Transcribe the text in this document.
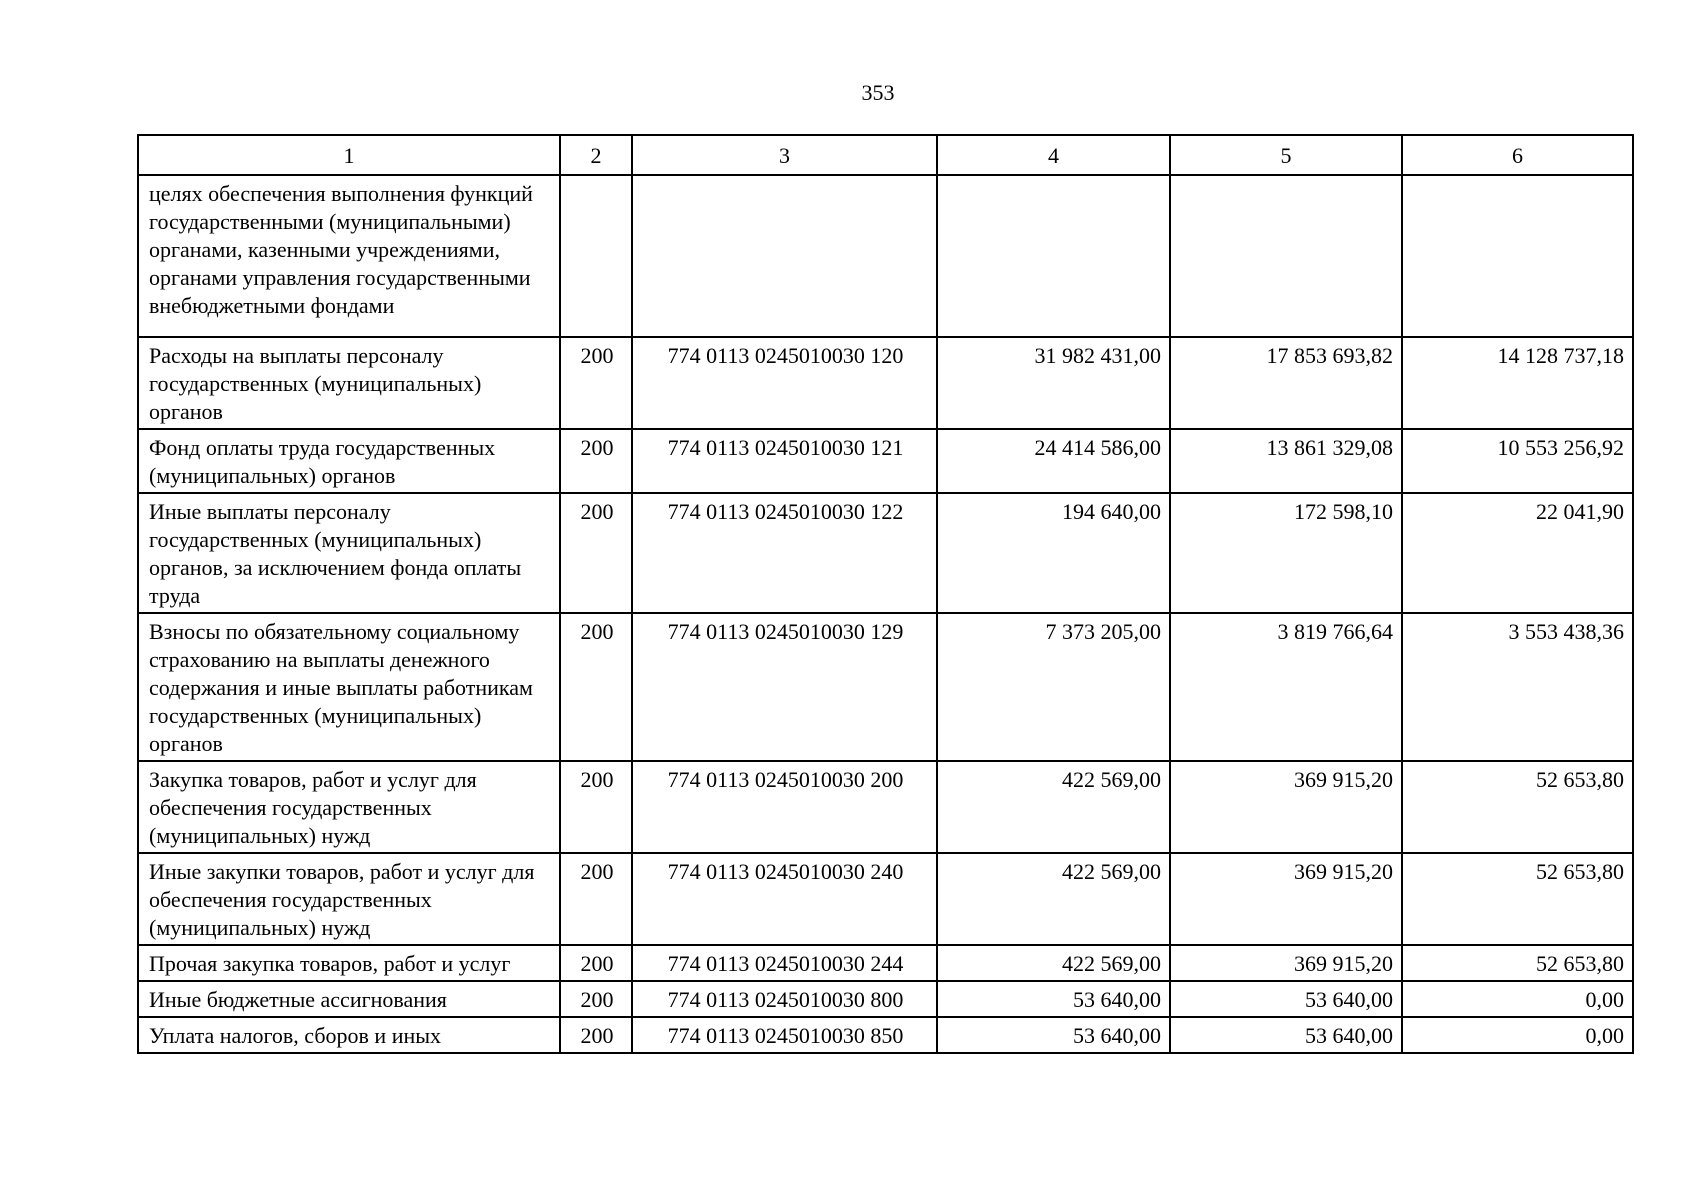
353
1	2	3	4	5	6
целях обеспечения выполнения функций государственными (муниципальными) органами, казенными учреждениями, органами управления государственными внебюджетными фондами					
Расходы на выплаты персоналу государственных (муниципальных) органов	200	774 0113 0245010030 120	31 982 431,00	17 853 693,82	14 128 737,18
Фонд оплаты труда государственных (муниципальных) органов	200	774 0113 0245010030 121	24 414 586,00	13 861 329,08	10 553 256,92
Иные выплаты персоналу государственных (муниципальных) органов, за исключением фонда оплаты труда	200	774 0113 0245010030 122	194 640,00	172 598,10	22 041,90
Взносы по обязательному социальному страхованию на выплаты денежного содержания и иные выплаты работникам государственных (муниципальных) органов	200	774 0113 0245010030 129	7 373 205,00	3 819 766,64	3 553 438,36
Закупка товаров, работ и услуг для обеспечения государственных (муниципальных) нужд	200	774 0113 0245010030 200	422 569,00	369 915,20	52 653,80
Иные закупки товаров, работ и услуг для обеспечения государственных (муниципальных) нужд	200	774 0113 0245010030 240	422 569,00	369 915,20	52 653,80
Прочая закупка товаров, работ и услуг	200	774 0113 0245010030 244	422 569,00	369 915,20	52 653,80
Иные бюджетные ассигнования	200	774 0113 0245010030 800	53 640,00	53 640,00	0,00
Уплата налогов, сборов и иных	200	774 0113 0245010030 850	53 640,00	53 640,00	0,00
